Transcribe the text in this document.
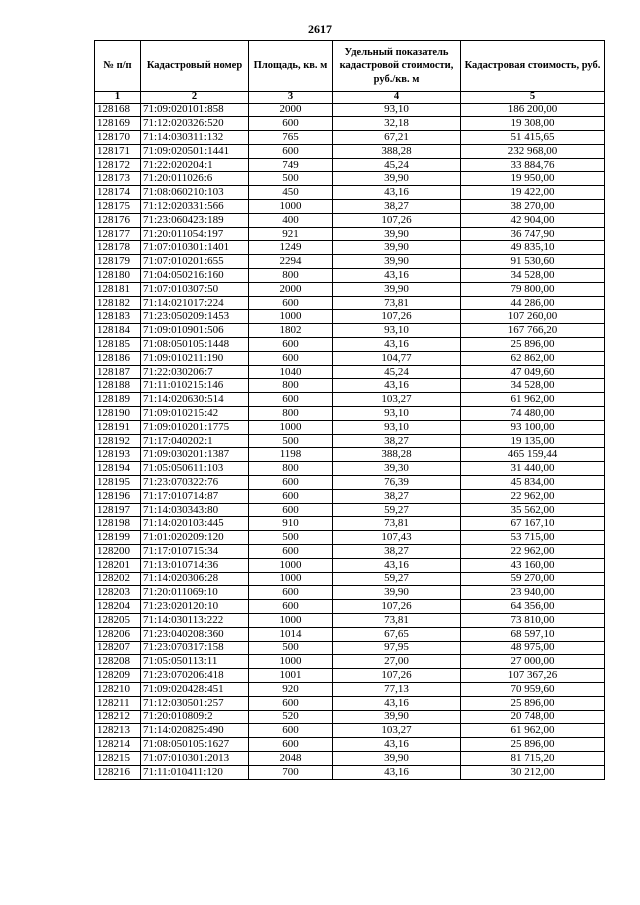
2617
№ п/п	Кадастровый номер	Площадь, кв. м	Удельный показатель кадастровой стоимости, руб./кв. м	Кадастровая стоимость, руб.
1	2	3	4	5
128168	71:09:020101:858	2000	93,10	186 200,00
128169	71:12:020326:520	600	32,18	19 308,00
128170	71:14:030311:132	765	67,21	51 415,65
128171	71:09:020501:1441	600	388,28	232 968,00
128172	71:22:020204:1	749	45,24	33 884,76
128173	71:20:011026:6	500	39,90	19 950,00
128174	71:08:060210:103	450	43,16	19 422,00
128175	71:12:020331:566	1000	38,27	38 270,00
128176	71:23:060423:189	400	107,26	42 904,00
128177	71:20:011054:197	921	39,90	36 747,90
128178	71:07:010301:1401	1249	39,90	49 835,10
128179	71:07:010201:655	2294	39,90	91 530,60
128180	71:04:050216:160	800	43,16	34 528,00
128181	71:07:010307:50	2000	39,90	79 800,00
128182	71:14:021017:224	600	73,81	44 286,00
128183	71:23:050209:1453	1000	107,26	107 260,00
128184	71:09:010901:506	1802	93,10	167 766,20
128185	71:08:050105:1448	600	43,16	25 896,00
128186	71:09:010211:190	600	104,77	62 862,00
128187	71:22:030206:7	1040	45,24	47 049,60
128188	71:11:010215:146	800	43,16	34 528,00
128189	71:14:020630:514	600	103,27	61 962,00
128190	71:09:010215:42	800	93,10	74 480,00
128191	71:09:010201:1775	1000	93,10	93 100,00
128192	71:17:040202:1	500	38,27	19 135,00
128193	71:09:030201:1387	1198	388,28	465 159,44
128194	71:05:050611:103	800	39,30	31 440,00
128195	71:23:070322:76	600	76,39	45 834,00
128196	71:17:010714:87	600	38,27	22 962,00
128197	71:14:030343:80	600	59,27	35 562,00
128198	71:14:020103:445	910	73,81	67 167,10
128199	71:01:020209:120	500	107,43	53 715,00
128200	71:17:010715:34	600	38,27	22 962,00
128201	71:13:010714:36	1000	43,16	43 160,00
128202	71:14:020306:28	1000	59,27	59 270,00
128203	71:20:011069:10	600	39,90	23 940,00
128204	71:23:020120:10	600	107,26	64 356,00
128205	71:14:030113:222	1000	73,81	73 810,00
128206	71:23:040208:360	1014	67,65	68 597,10
128207	71:23:070317:158	500	97,95	48 975,00
128208	71:05:050113:11	1000	27,00	27 000,00
128209	71:23:070206:418	1001	107,26	107 367,26
128210	71:09:020428:451	920	77,13	70 959,60
128211	71:12:030501:257	600	43,16	25 896,00
128212	71:20:010809:2	520	39,90	20 748,00
128213	71:14:020825:490	600	103,27	61 962,00
128214	71:08:050105:1627	600	43,16	25 896,00
128215	71:07:010301:2013	2048	39,90	81 715,20
128216	71:11:010411:120	700	43,16	30 212,00
